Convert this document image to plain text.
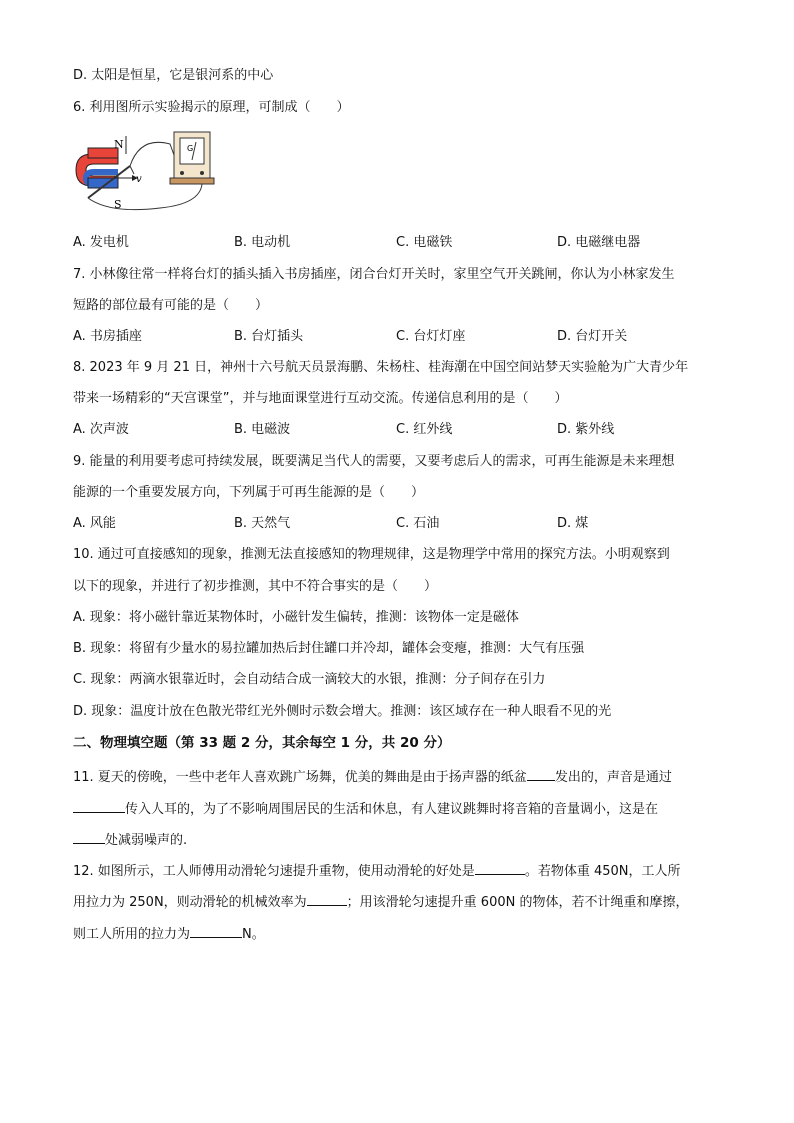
D. 太阳是恒星，它是银河系的中心
6. 利用图所示实验揭示的原理，可制成（　　）
v
N
S
G
A. 发电机	B. 电动机	C. 电磁铁	D. 电磁继电器
7. 小林像往常一样将台灯的插头插入书房插座，闭合台灯开关时，家里空气开关跳闸，你认为小林家发生
短路的部位最有可能的是（　　）
A. 书房插座	B. 台灯插头	C. 台灯灯座	D. 台灯开关
8. 2023 年 9 月 21 日，神州十六号航天员景海鹏、朱杨柱、桂海潮在中国空间站梦天实验舱为广大青少年
带来一场精彩的“天宫课堂”，并与地面课堂进行互动交流。传递信息利用的是（　　）
A. 次声波	B. 电磁波	C. 红外线	D. 紫外线
9. 能量的利用要考虑可持续发展，既要满足当代人的需要，又要考虑后人的需求，可再生能源是未来理想
能源的一个重要发展方向，下列属于可再生能源的是（　　）
A. 风能	B. 天然气	C. 石油	D. 煤
10. 通过可直接感知的现象，推测无法直接感知的物理规律，这是物理学中常用的探究方法。小明观察到
以下的现象，并进行了初步推测，其中不符合事实的是（　　）
A. 现象：将小磁针靠近某物体时，小磁针发生偏转，推测：该物体一定是磁体
B. 现象：将留有少量水的易拉罐加热后封住罐口并冷却，罐体会变瘪，推测：大气有压强
C. 现象：两滴水银靠近时，会自动结合成一滴较大的水银，推测：分子间存在引力
D. 现象：温度计放在色散光带红光外侧时示数会增大。推测：该区域存在一种人眼看不见的光
二、物理填空题（第 33 题 2 分，其余每空 1 分，共 20 分）
11. 夏天的傍晚，一些中老年人喜欢跳广场舞，优美的舞曲是由于扬声器的纸盆 发出的，声音是通过
传入人耳的，为了不影响周围居民的生活和休息，有人建议跳舞时将音箱的音量调小，这是在
处减弱噪声的.
12. 如图所示，工人师傅用动滑轮匀速提升重物，使用动滑轮的好处是	。若物体重 450N，工人所
用拉力为 250N，则动滑轮的机械效率为	；用该滑轮匀速提升重 600N 的物体，若不计绳重和摩擦，
则工人所用的拉力为	N。
